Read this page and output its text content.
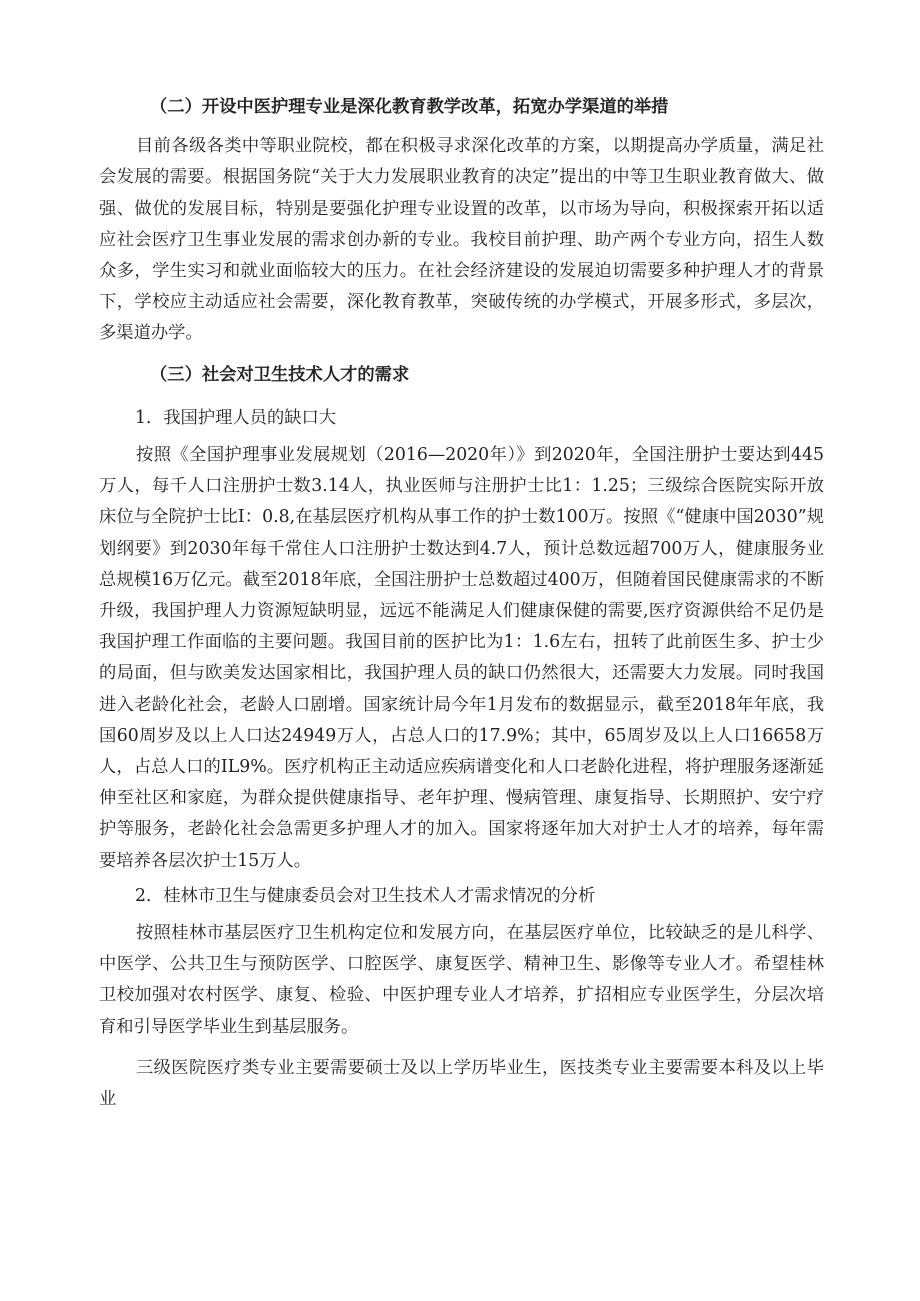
（二）开设中医护理专业是深化教育教学改革，拓宽办学渠道的举措

目前各级各类中等职业院校，都在积极寻求深化改革的方案，以期提高办学质量，满足社会发展的需要。根据国务院“关于大力发展职业教育的决定”提出的中等卫生职业教育做大、做强、做优的发展目标，特别是要强化护理专业设置的改革，以市场为导向，积极探索开拓以适应社会医疗卫生事业发展的需求创办新的专业。我校目前护理、助产两个专业方向，招生人数众多，学生实习和就业面临较大的压力。在社会经济建设的发展迫切需要多种护理人才的背景下，学校应主动适应社会需要，深化教育教革，突破传统的办学模式，开展多形式，多层次，多渠道办学。

（三）社会对卫生技术人才的需求

1．我国护理人员的缺口大

按照《全国护理事业发展规划（2016—2020年）》到2020年，全国注册护士要达到445万人，每千人口注册护士数3.14人，执业医师与注册护士比1：1.25；三级综合医院实际开放床位与全院护士比I：0.8,在基层医疗机构从事工作的护士数100万。按照《“健康中国2030”规划纲要》到2030年每千常住人口注册护士数达到4.7人，预计总数远超700万人，健康服务业总规模16万亿元。截至2018年底，全国注册护士总数超过400万，但随着国民健康需求的不断升级，我国护理人力资源短缺明显，远远不能满足人们健康保健的需要,医疗资源供给不足仍是我国护理工作面临的主要问题。我国目前的医护比为1：1.6左右，扭转了此前医生多、护士少的局面，但与欧美发达国家相比，我国护理人员的缺口仍然很大，还需要大力发展。同时我国进入老龄化社会，老龄人口剧增。国家统计局今年1月发布的数据显示，截至2018年年底，我国60周岁及以上人口达24949万人，占总人口的17.9%；其中，65周岁及以上人口16658万人，占总人口的IL9%。医疗机构正主动适应疾病谱变化和人口老龄化进程，将护理服务逐渐延伸至社区和家庭，为群众提供健康指导、老年护理、慢病管理、康复指导、长期照护、安宁疗护等服务，老龄化社会急需更多护理人才的加入。国家将逐年加大对护士人才的培养，每年需要培养各层次护士15万人。

2．桂林市卫生与健康委员会对卫生技术人才需求情况的分析

按照桂林市基层医疗卫生机构定位和发展方向，在基层医疗单位，比较缺乏的是儿科学、中医学、公共卫生与预防医学、口腔医学、康复医学、精神卫生、影像等专业人才。希望桂林卫校加强对农村医学、康复、检验、中医护理专业人才培养，扩招相应专业医学生，分层次培育和引导医学毕业生到基层服务。

三级医院医疗类专业主要需要硕士及以上学历毕业生，医技类专业主要需要本科及以上毕业
